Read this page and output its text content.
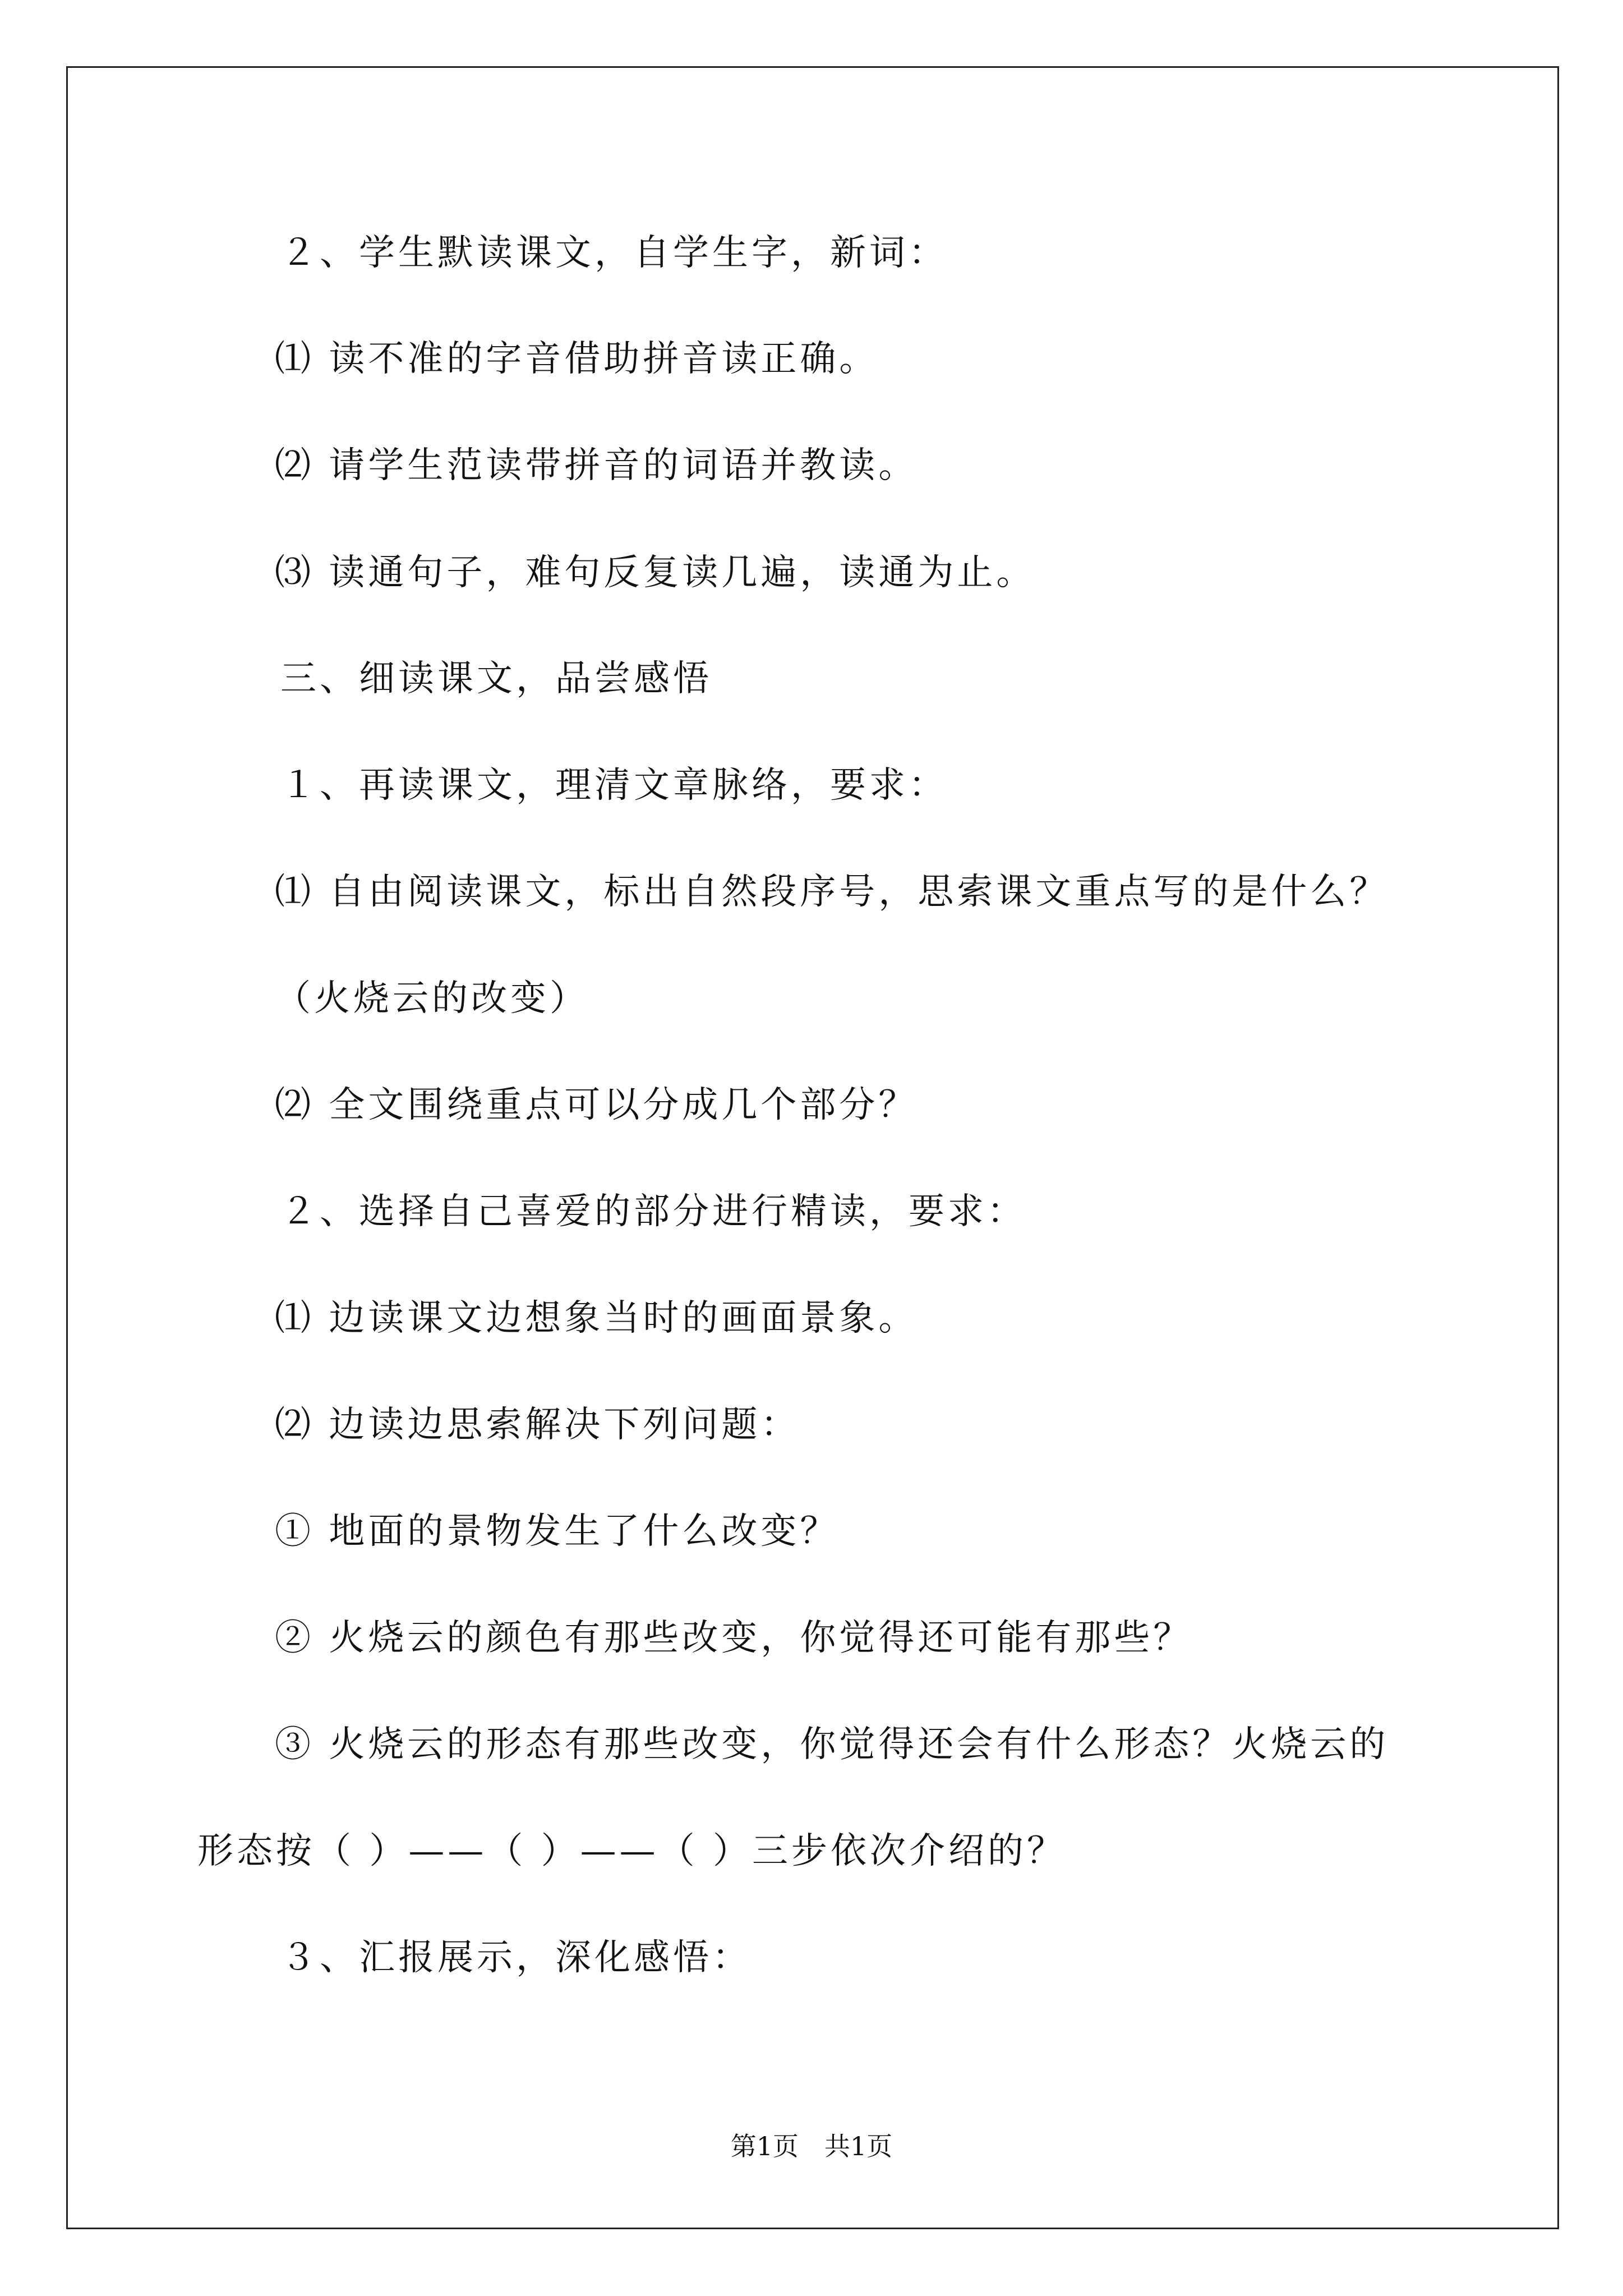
２、学生默读课文，自学生字，新词：
⑴ 读不准的字音借助拼音读正确。
⑵ 请学生范读带拼音的词语并教读。
⑶ 读通句子，难句反复读几遍，读通为止。
三、细读课文，品尝感悟
１、再读课文，理清文章脉络，要求：
⑴ 自由阅读课文，标出自然段序号，思索课文重点写的是什么？
（火烧云的改变）
⑵ 全文围绕重点可以分成几个部分？
２、选择自己喜爱的部分进行精读，要求：
⑴ 边读课文边想象当时的画面景象。
⑵ 边读边思索解决下列问题：
① 地面的景物发生了什么改变？
② 火烧云的颜色有那些改变，你觉得还可能有那些？
③ 火烧云的形态有那些改变，你觉得还会有什么形态？火烧云的
形态按（ ）——（ ）——（ ）三步依次介绍的？
３、汇报展示，深化感悟：
第1页　共1页
